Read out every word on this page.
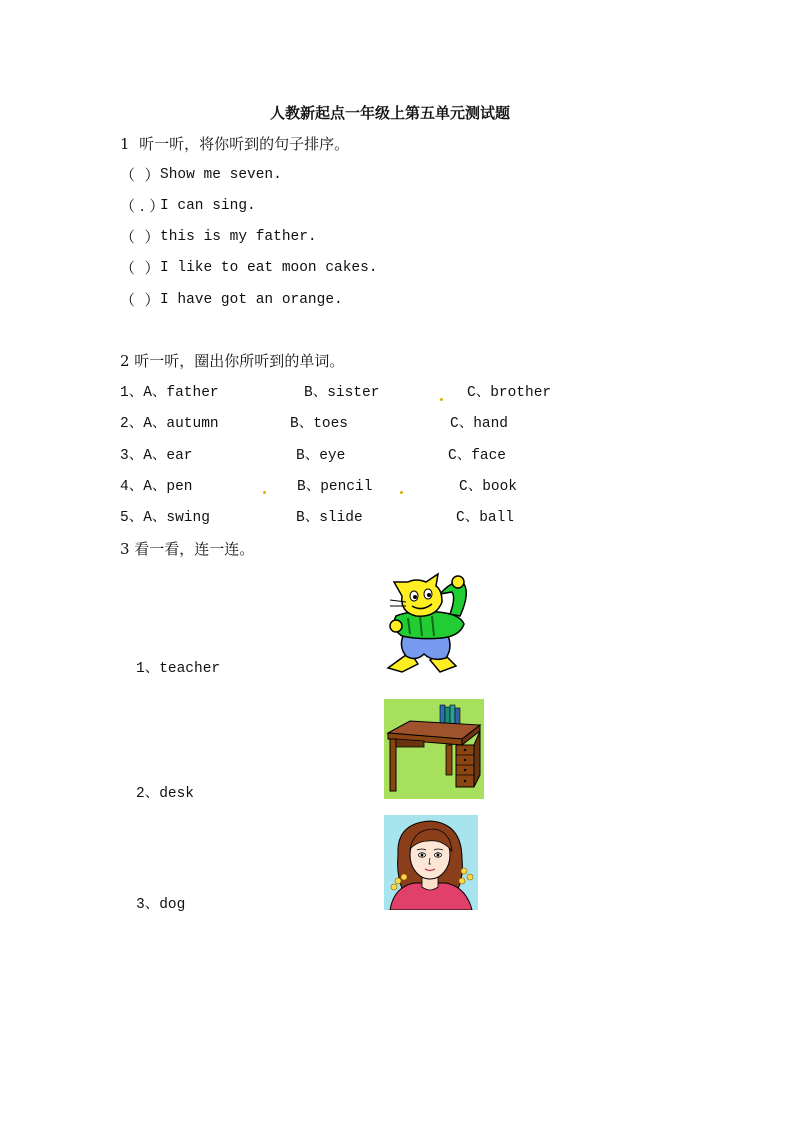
人教新起点一年级上第五单元测试题
1  听一听，将你听到的句子排序。
（  ） Show me seven.
（ . ）
I can sing.
（  ） this is my father.
（  ） I like to eat moon cakes.
（  ） I have got an orange.
2 听一听，圈出你所听到的单词。
1、A、father	B、sister	C、brother
2、A、autumn	B、toes	C、hand
3、A、ear	B、eye	C、face
4、A、pen	B、pencil	C、book
5、A、swing	B、slide	C、ball
3 看一看，连一连。
1、teacher
2、desk
3、dog
